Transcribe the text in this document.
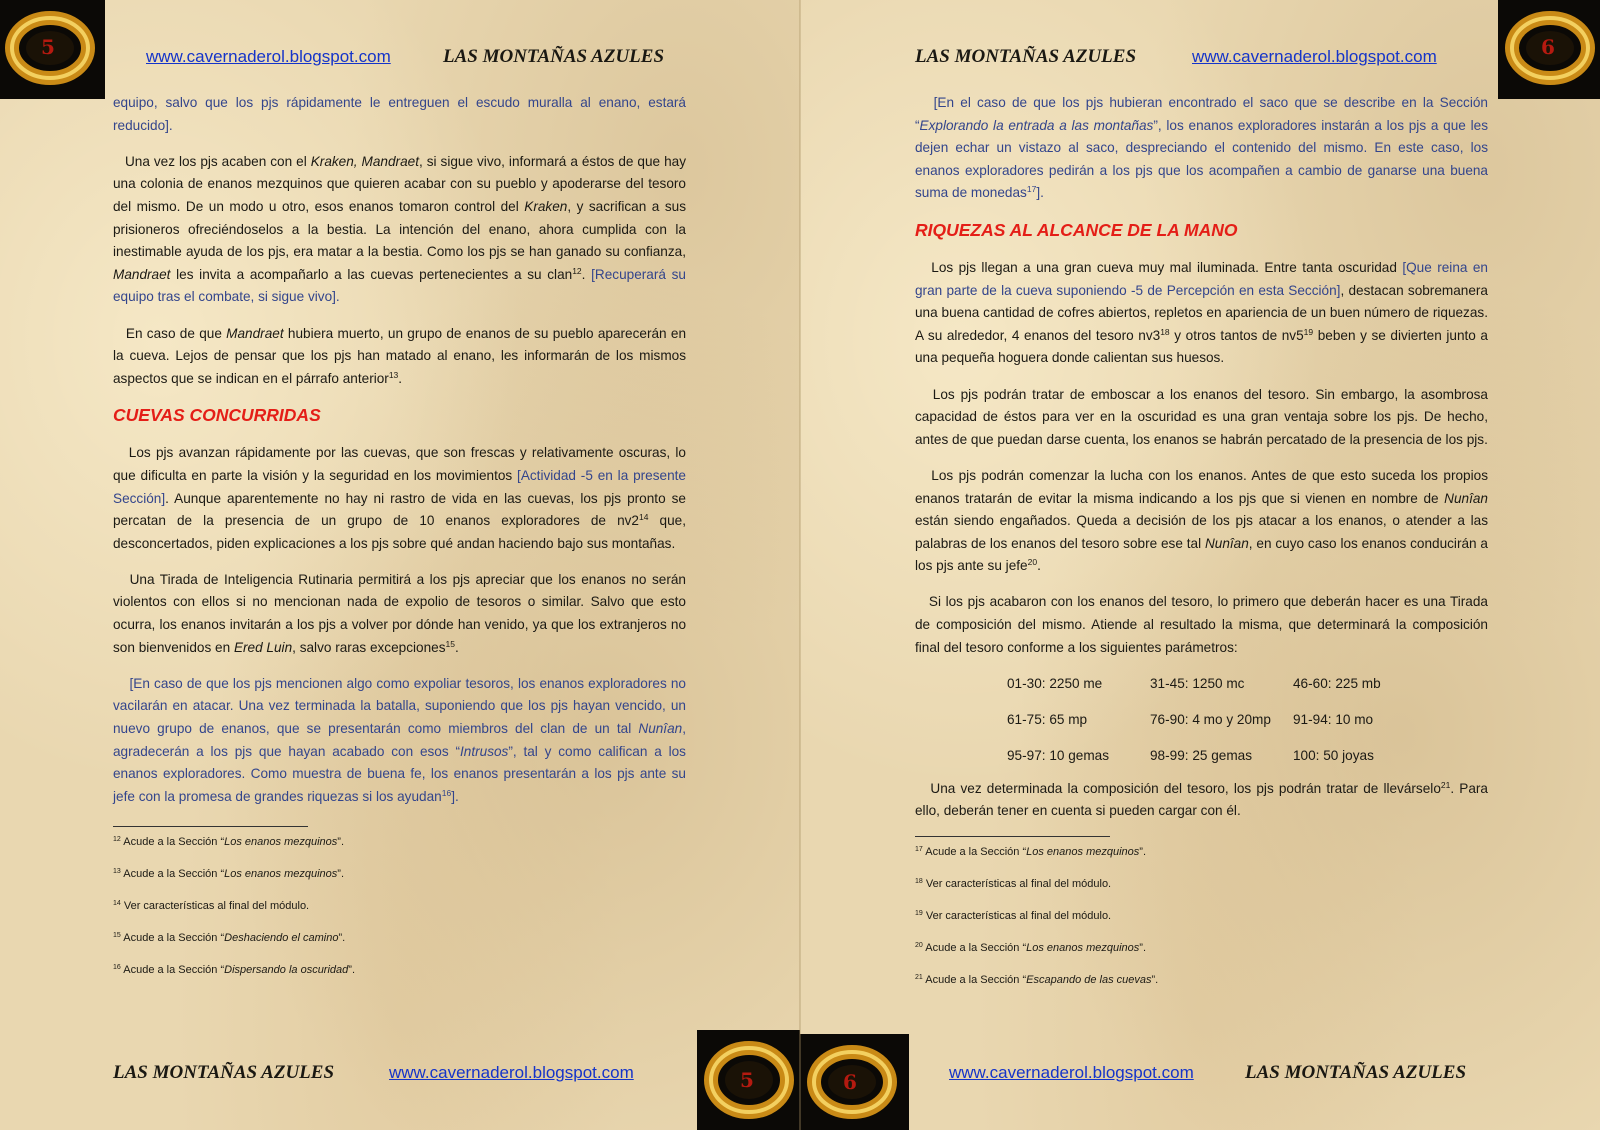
5	www.cavernaderol.blogspot.com	LAS MONTAÑAS AZULES

equipo, salvo que los pjs rápidamente le entreguen el escudo muralla al enano, estará reducido].

Una vez los pjs acaben con el Kraken, Mandraet, si sigue vivo, informará a éstos de que hay una colonia de enanos mezquinos que quieren acabar con su pueblo y apoderarse del tesoro del mismo. De un modo u otro, esos enanos tomaron control del Kraken, y sacrifican a sus prisioneros ofreciéndoselos a la bestia. La intención del enano, ahora cumplida con la inestimable ayuda de los pjs, era matar a la bestia. Como los pjs se han ganado su confianza, Mandraet les invita a acompañarlo a las cuevas pertenecientes a su clan$^{12}$. [Recuperará su equipo tras el combate, si sigue vivo].

En caso de que Mandraet hubiera muerto, un grupo de enanos de su pueblo aparecerán en la cueva. Lejos de pensar que los pjs han matado al enano, les informarán de los mismos aspectos que se indican en el párrafo anterior$^{13}$.

CUEVAS CONCURRIDAS

Los pjs avanzan rápidamente por las cuevas, que son frescas y relativamente oscuras, lo que dificulta en parte la visión y la seguridad en los movimientos [Actividad -5 en la presente Sección]. Aunque aparentemente no hay ni rastro de vida en las cuevas, los pjs pronto se percatan de la presencia de un grupo de 10 enanos exploradores de $nv2^{14}$ que, desconcertados, piden explicaciones a los pjs sobre qué andan haciendo bajo sus montañas.

Una Tirada de Inteligencia Rutinaria permitirá a los pjs apreciar que los enanos no serán violentos con ellos si no mencionan nada de expolio de tesoros o similar. Salvo que esto ocurra, los enanos invitarán a los pjs a volver por dónde han venido, ya que los extranjeros no son bienvenidos en Ered Luin, salvo raras excepciones$^{15}$.

[En caso de que los pjs mencionen algo como expoliar tesoros, los enanos exploradores no vacilarán en atacar. Una vez terminada la batalla, suponiendo que los pjs hayan vencido, un nuevo grupo de enanos, que se presentarán como miembros del clan de un tal Nunîan, agradecerán a los pjs que hayan acabado con esos “Intrusos”, tal y como califican a los enanos exploradores. Como muestra de buena fe, los enanos presentarán a los pjs ante su jefe con la promesa de grandes riquezas si los ayudan$^{16}$].

$^{12}$ Acude a la Sección “Los enanos mezquinos”.
$^{13}$ Acude a la Sección “Los enanos mezquinos”.
$^{14}$ Ver características al final del módulo.
$^{15}$ Acude a la Sección “Deshaciendo el camino”.
$^{16}$ Acude a la Sección “Dispersando la oscuridad”.
LAS MONTAÑAS AZULES	www.cavernaderol.blogspot.com	5
6
LAS MONTAÑAS AZULES	www.cavernaderol.blogspot.com

[En el caso de que los pjs hubieran encontrado el saco que se describe en la Sección “Explorando la entrada a las montañas”, los enanos exploradores instarán a los pjs a que les dejen echar un vistazo al saco, despreciando el contenido del mismo. En este caso, los enanos exploradores pedirán a los pjs que los acompañen a cambio de ganarse una buena suma de monedas$^{17}$].

RIQUEZAS AL ALCANCE DE LA MANO

Los pjs llegan a una gran cueva muy mal iluminada. Entre tanta oscuridad [Que reina en gran parte de la cueva suponiendo -5 de Percepción en esta Sección], destacan sobremanera una buena cantidad de cofres abiertos, repletos en apariencia de un buen número de riquezas. A su alrededor, 4 enanos del tesoro $nv3^{18}$ y otros tantos de $nv5^{19}$ beben y se divierten junto a una pequeña hoguera donde calientan sus huesos.

Los pjs podrán tratar de emboscar a los enanos del tesoro. Sin embargo, la asombrosa capacidad de éstos para ver en la oscuridad es una gran ventaja sobre los pjs. De hecho, antes de que puedan darse cuenta, los enanos se habrán percatado de la presencia de los pjs.

Los pjs podrán comenzar la lucha con los enanos. Antes de que esto suceda los propios enanos tratarán de evitar la misma indicando a los pjs que si vienen en nombre de Nunîan están siendo engañados. Queda a decisión de los pjs atacar a los enanos, o atender a las palabras de los enanos del tesoro sobre ese tal Nunîan, en cuyo caso los enanos conducirán a los pjs ante su jefe$^{20}$.

Si los pjs acabaron con los enanos del tesoro, lo primero que deberán hacer es una Tirada de composición del mismo. Atiende al resultado la misma, que determinará la composición final del tesoro conforme a los siguientes parámetros:

01-30: 2250 me	31-45: 1250 mc	46-60: 225 mb
61-75: 65 mp	76-90: 4 mo y 20mp	91-94: 10 mo
95-97: 10 gemas	98-99: 25 gemas	100: 50 joyas

Una vez determinada la composición del tesoro, los pjs podrán tratar de llevárselo$^{21}$. Para ello, deberán tener en cuenta si pueden cargar con él.

$^{17}$ Acude a la Sección “Los enanos mezquinos”.
$^{18}$ Ver características al final del módulo.
$^{19}$ Ver características al final del módulo.
$^{20}$ Acude a la Sección “Los enanos mezquinos”.
$^{21}$ Acude a la Sección “Escapando de las cuevas”.
6	www.cavernaderol.blogspot.com	LAS MONTAÑAS AZULES
